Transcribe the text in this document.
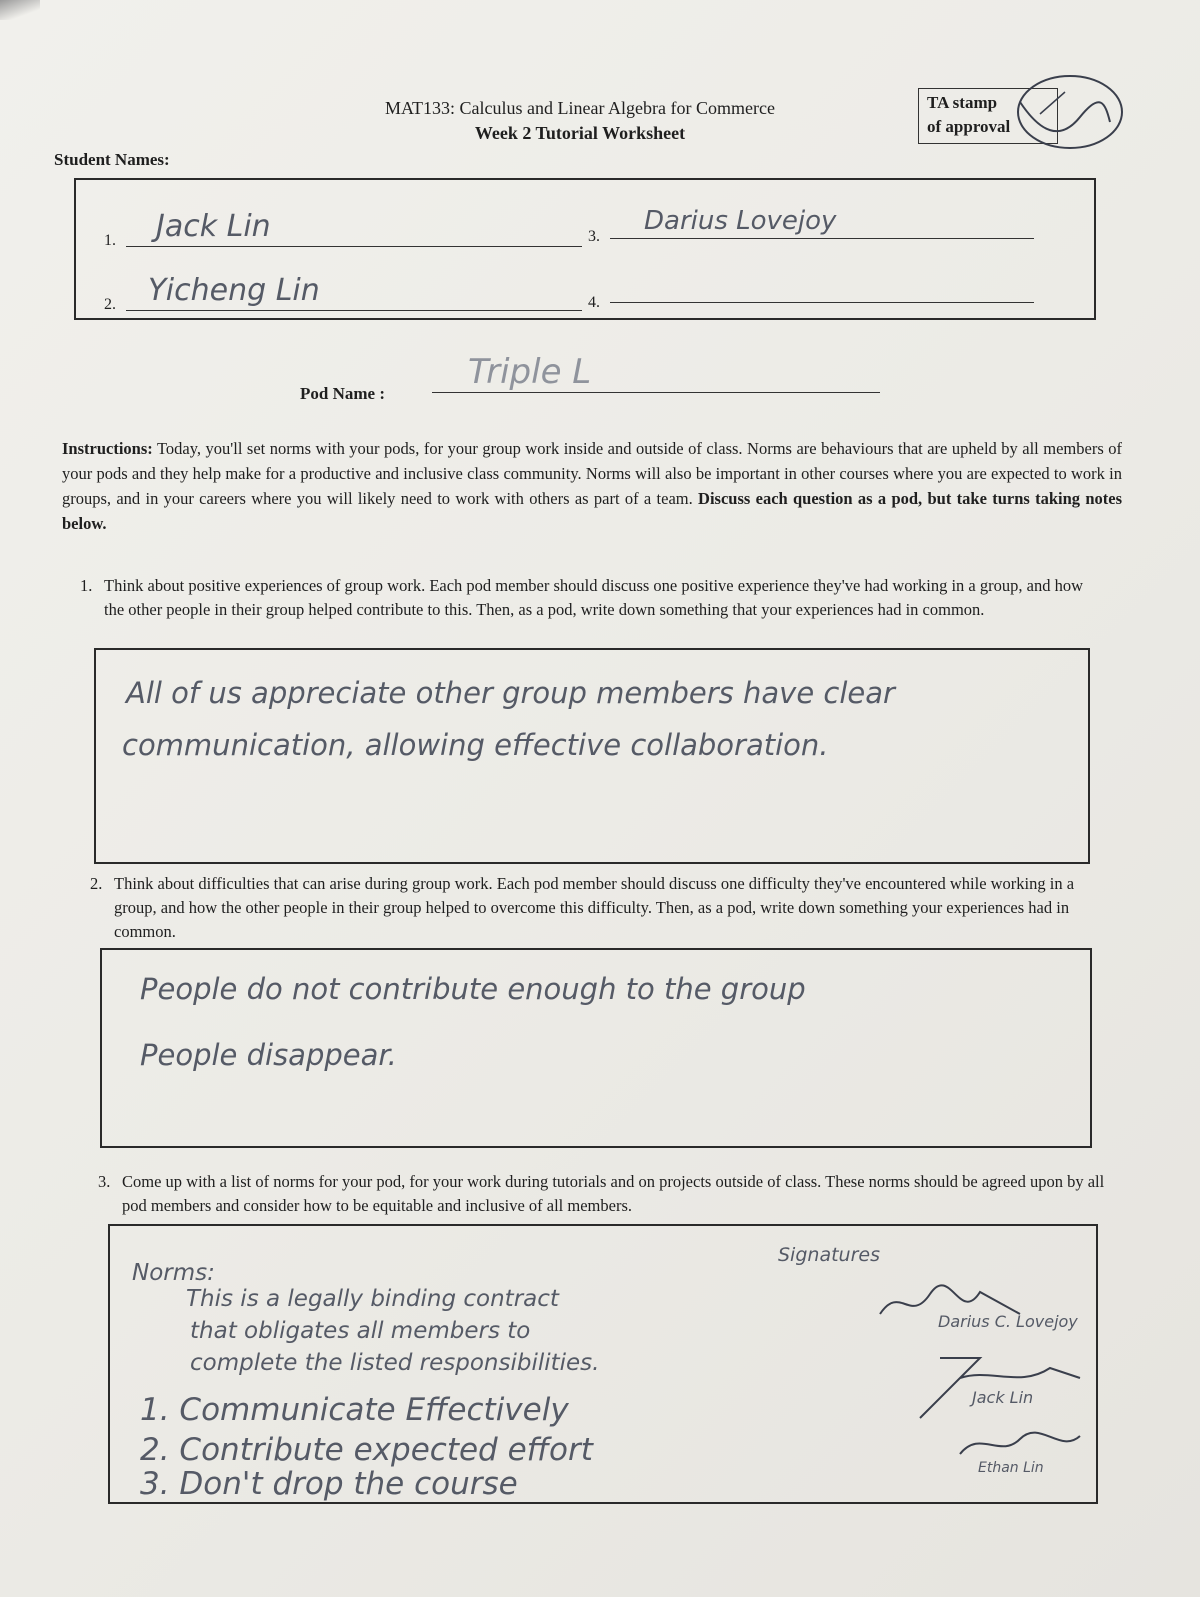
MAT133: Calculus and Linear Algebra for Commerce
Week 2 Tutorial Worksheet
TA stamp
of approval
Student Names:
1. Jack Lin
2. Yicheng Lin
3.
Darius Lovejoy
4.
Pod Name :
Triple L
Instructions: Today, you'll set norms with your pods, for your group work inside and outside of class. Norms are behaviours that are upheld by all members of your pods and they help make for a productive and inclusive class community. Norms will also be important in other courses where you are expected to work in groups, and in your careers where you will likely need to work with others as part of a team. Discuss each question as a pod, but take turns taking notes below.
1. Think about positive experiences of group work. Each pod member should discuss one positive experience they've had working in a group, and how the other people in their group helped contribute to this. Then, as a pod, write down something that your experiences had in common.
All of us appreciate other group members have clear
communication, allowing effective collaboration.
2. Think about difficulties that can arise during group work. Each pod member should discuss one difficulty they've encountered while working in a group, and how the other people in their group helped to overcome this difficulty. Then, as a pod, write down something your experiences had in common.
People do not contribute enough to the group
People disappear.
3. Come up with a list of norms for your pod, for your work during tutorials and on projects outside of class. These norms should be agreed upon by all pod members and consider how to be equitable and inclusive of all members.
Norms:
This is a legally binding contract
that obligates all members to
complete the listed responsibilities.
1. Communicate Effectively
2. Contribute expected effort
3. Don't drop the course
Signatures
Darius C. Lovejoy
Jack Lin
Ethan Lin
